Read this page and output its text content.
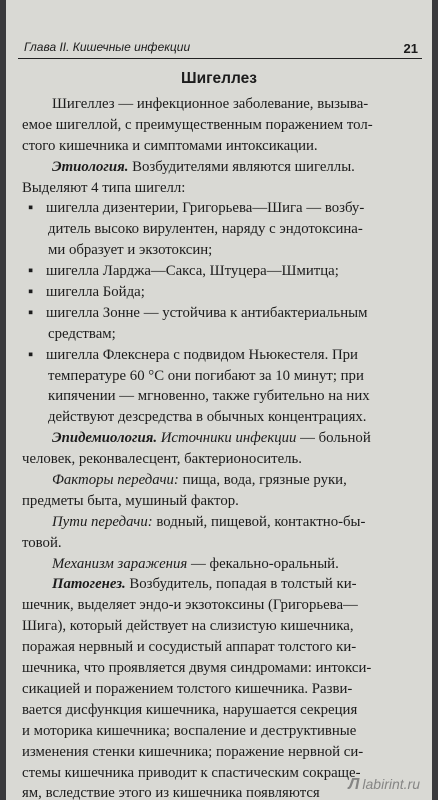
Глава II. Кишечные инфекции	21
Шигеллез
Шигеллез — инфекционное заболевание, вызыва-
емое шигеллой, с преимущественным поражением тол-
стого кишечника и симптомами интоксикации.
Этиология. Возбудителями являются шигеллы.
Выделяют 4 типа шигелл:
▪ шигелла дизентерии, Григорьева—Шига — возбу-
дитель высоко вирулентен, наряду с эндотоксина-
ми образует и экзотоксин;
▪ шигелла Ларджа—Сакса, Штуцера—Шмитца;
▪ шигелла Бойда;
▪ шигелла Зонне — устойчива к антибактериальным
средствам;
▪ шигелла Флекснера с подвидом Ньюкестеля. При
температуре 60 °С они погибают за 10 минут; при
кипячении — мгновенно, также губительно на них
действуют дезсредства в обычных концентрациях.
Эпидемиология. Источники инфекции — больной
человек, реконвалесцент, бактерионоситель.
Факторы передачи: пища, вода, грязные руки,
предметы быта, мушиный фактор.
Пути передачи: водный, пищевой, контактно-бы-
товой.
Механизм заражения — фекально-оральный.
Патогенез. Возбудитель, попадая в толстый ки-
шечник, выделяет эндо-и экзотоксины (Григорьева—
Шига), который действует на слизистую кишечника,
поражая нервный и сосудистый аппарат толстого ки-
шечника, что проявляется двумя синдромами: интокси-
сикацией и поражением толстого кишечника. Разви-
вается дисфункция кишечника, нарушается секреция
и моторика кишечника; воспаление и деструктивные
изменения стенки кишечника; поражение нервной си-
стемы кишечника приводит к спастическим сокраще-
ям, вследствие этого из кишечника появляются
Л labirint.ru
